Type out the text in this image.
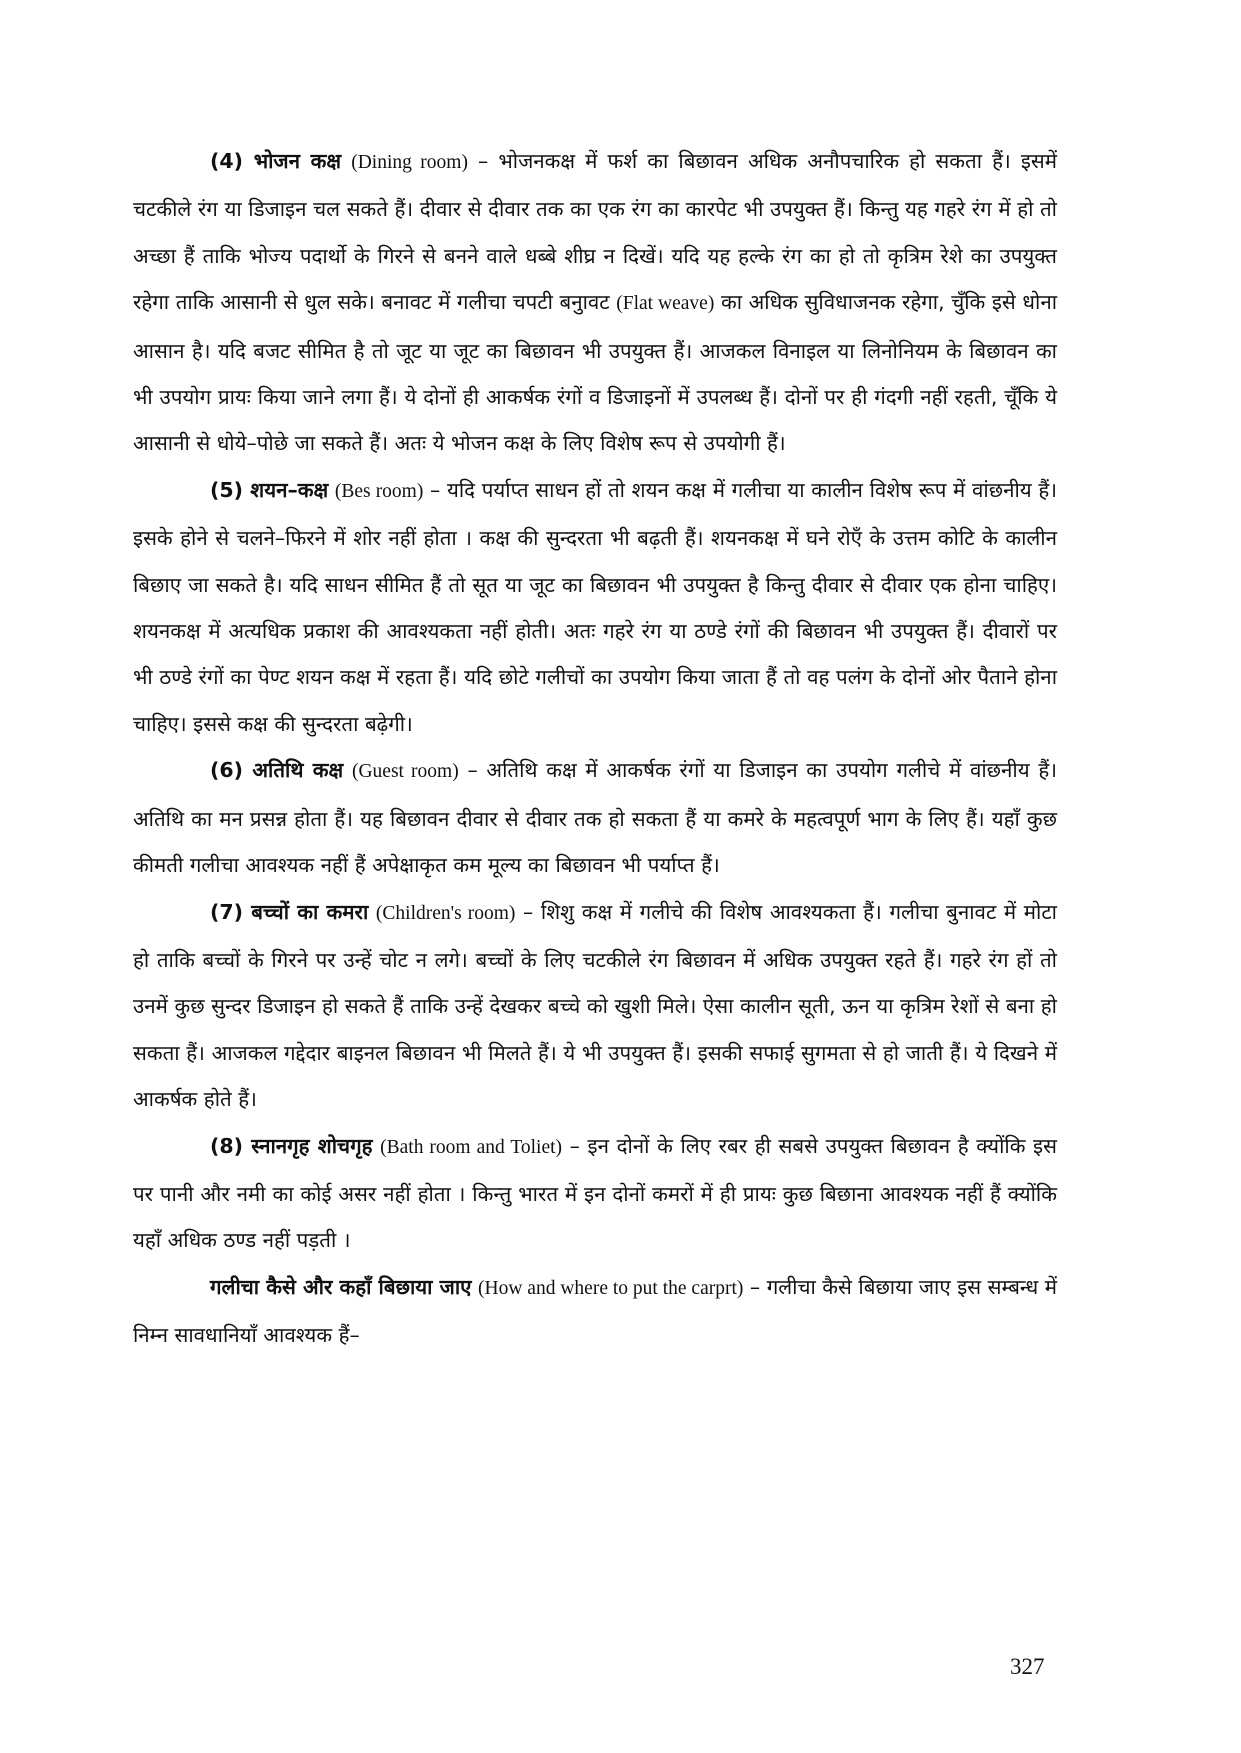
(4) भोजन कक्ष (Dining room) – भोजनकक्ष में फर्श का बिछावन अधिक अनौपचारिक हो सकता हैं। इसमें चटकीले रंग या डिजाइन चल सकते हैं। दीवार से दीवार तक का एक रंग का कारपेट भी उपयुक्त हैं। किन्तु यह गहरे रंग में हो तो अच्छा हैं ताकि भोज्य पदार्थो के गिरने से बनने वाले धब्बे शीघ्र न दिखें। यदि यह हल्के रंग का हो तो कृत्रिम रेशे का उपयुक्त रहेगा ताकि आसानी से धुल सके। बनावट में गलीचा चपटी बनुावट (Flat weave) का अधिक सुविधाजनक रहेगा, चुँकि इसे धोना आसान है। यदि बजट सीमित है तो जूट या जूट का बिछावन भी उपयुक्त हैं। आजकल विनाइल या लिनोनियम के बिछावन का भी उपयोग प्रायः किया जाने लगा हैं। ये दोनों ही आकर्षक रंगों व डिजाइनों में उपलब्ध हैं। दोनों पर ही गंदगी नहीं रहती, चूँकि ये आसानी से धोये–पोछे जा सकते हैं। अतः ये भोजन कक्ष के लिए विशेष रूप से उपयोगी हैं।

(5) शयन–कक्ष (Bes room) – यदि पर्याप्त साधन हों तो शयन कक्ष में गलीचा या कालीन विशेष रूप में वांछनीय हैं। इसके होने से चलने–फिरने में शोर नहीं होता । कक्ष की सुन्दरता भी बढ़ती हैं। शयनकक्ष में घने रोएँ के उत्तम कोटि के कालीन बिछाए जा सकते है। यदि साधन सीमित हैं तो सूत या जूट का बिछावन भी उपयुक्त है किन्तु दीवार से दीवार एक होना चाहिए। शयनकक्ष में अत्यधिक प्रकाश की आवश्यकता नहीं होती। अतः गहरे रंग या ठण्डे रंगों की बिछावन भी उपयुक्त हैं। दीवारों पर भी ठण्डे रंगों का पेण्ट शयन कक्ष में रहता हैं। यदि छोटे गलीचों का उपयोग किया जाता हैं तो वह पलंग के दोनों ओर पैताने होना चाहिए। इससे कक्ष की सुन्दरता बढ़ेगी।

(6) अतिथि कक्ष (Guest room) – अतिथि कक्ष में आकर्षक रंगों या डिजाइन का उपयोग गलीचे में वांछनीय हैं। अतिथि का मन प्रसन्न होता हैं। यह बिछावन दीवार से दीवार तक हो सकता हैं या कमरे के महत्वपूर्ण भाग के लिए हैं। यहाँ कुछ कीमती गलीचा आवश्यक नहीं हैं अपेक्षाकृत कम मूल्य का बिछावन भी पर्याप्त हैं।

(7) बच्चों का कमरा (Children's room) – शिशु कक्ष में गलीचे की विशेष आवश्यकता हैं। गलीचा बुनावट में मोटा हो ताकि बच्चों के गिरने पर उन्हें चोट न लगे। बच्चों के लिए चटकीले रंग बिछावन में अधिक उपयुक्त रहते हैं। गहरे रंग हों तो उनमें कुछ सुन्दर डिजाइन हो सकते हैं ताकि उन्हें देखकर बच्चे को खुशी मिले। ऐसा कालीन सूती, ऊन या कृत्रिम रेशों से बना हो सकता हैं। आजकल गद्देदार बाइनल बिछावन भी मिलते हैं। ये भी उपयुक्त हैं। इसकी सफाई सुगमता से हो जाती हैं। ये दिखने में आकर्षक होते हैं।

(8) स्नानगृह शोचगृह (Bath room and Toliet) – इन दोनों के लिए रबर ही सबसे उपयुक्त बिछावन है क्योंकि इस पर पानी और नमी का कोई असर नहीं होता । किन्तु भारत में इन दोनों कमरों में ही प्रायः कुछ बिछाना आवश्यक नहीं हैं क्योंकि यहाँ अधिक ठण्ड नहीं पड़ती ।

गलीचा कैसे और कहाँ बिछाया जाए (How and where to put the carprt) – गलीचा कैसे बिछाया जाए इस सम्बन्ध में निम्न सावधानियाँ आवश्यक हैं–

327
